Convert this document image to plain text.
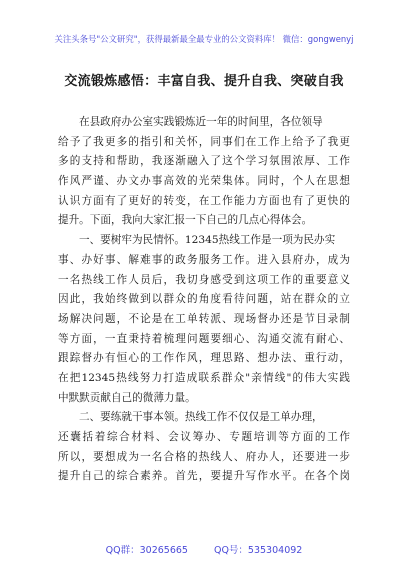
关注头条号"公文研究"，获得最新最全最专业的公文资料库！ 微信：gongwenyj
交流锻炼感悟：丰富自我、提升自我、突破自我
在县政府办公室实践锻炼近一年的时间里，各位领导
给予了我更多的指引和关怀，同事们在工作上给予了我更
多的支持和帮助，我逐渐融入了这个学习氛围浓厚、工作
作风严谨、办文办事高效的光荣集体。同时，个人在思想
认识方面有了更好的转变，在工作能力方面也有了更快的
提升。下面，我向大家汇报一下自己的几点心得体会。
一、要树牢为民情怀。12345热线工作是一项为民办实
事、办好事、解难事的政务服务工作。进入县府办，成为
一名热线工作人员后，我切身感受到这项工作的重要意义
因此，我始终做到以群众的角度看待问题，站在群众的立
场解决问题，不论是在工单转派、现场督办还是节目录制
等方面，一直秉持着梳理问题要细心、沟通交流有耐心、
跟踪督办有恒心的工作作风，理思路、想办法、重行动，
在把12345热线努力打造成联系群众"亲情线"的伟大实践
中默默贡献自己的微薄力量。
二、要练就干事本领。热线工作不仅仅是工单办理，
还囊括着综合材料、会议筹办、专题培训等方面的工作
所以，要想成为一名合格的热线人、府办人，还要进一步
提升自己的综合素养。首先，要提升写作水平。在各个岗
QQ群：30265665	QQ号：535304092
